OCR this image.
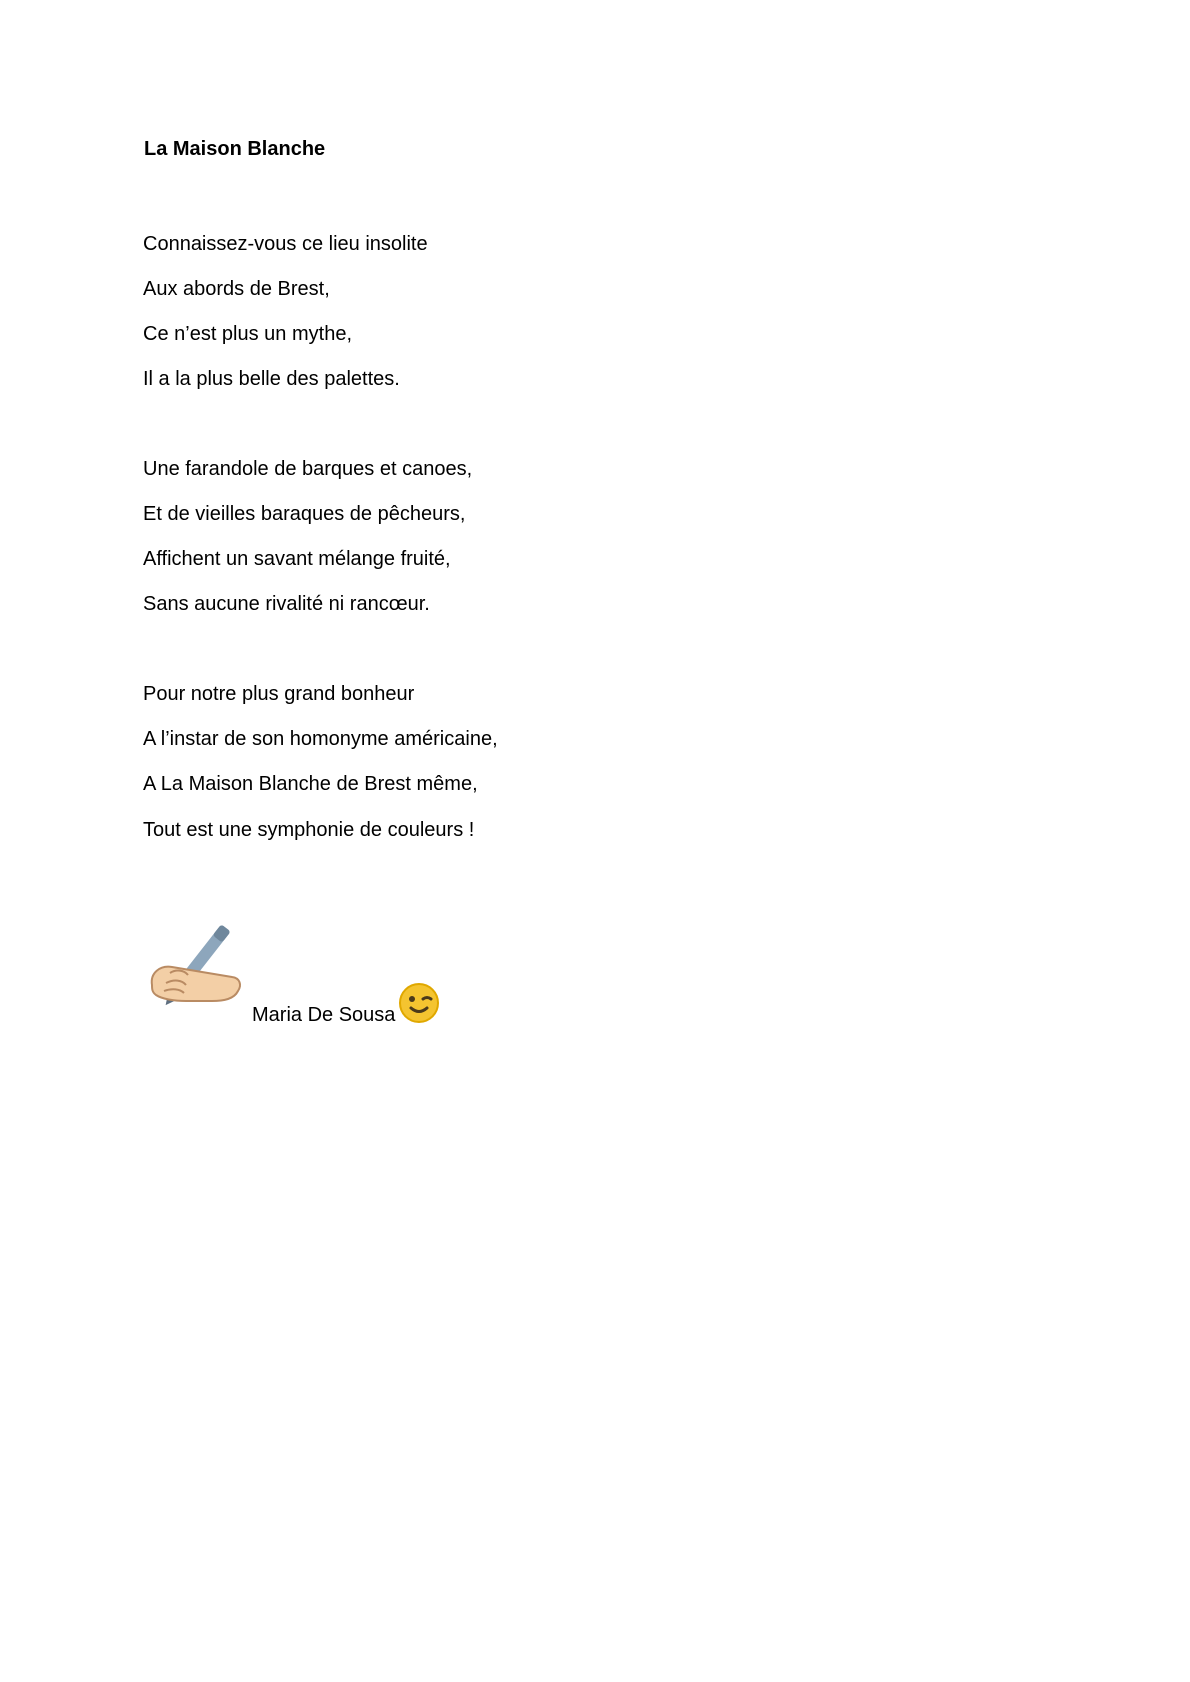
La Maison Blanche
Connaissez-vous ce lieu insolite
Aux abords de Brest,
Ce n’est plus un mythe,
Il a la plus belle des palettes.
Une farandole de barques et canoes,
Et de vieilles baraques de pêcheurs,
Affichent un savant mélange fruité,
Sans aucune rivalité ni rancœur.
Pour notre plus grand bonheur
A l’instar de son homonyme américaine,
A La Maison Blanche de Brest même,
Tout est une symphonie de couleurs !
Maria De Sousa
